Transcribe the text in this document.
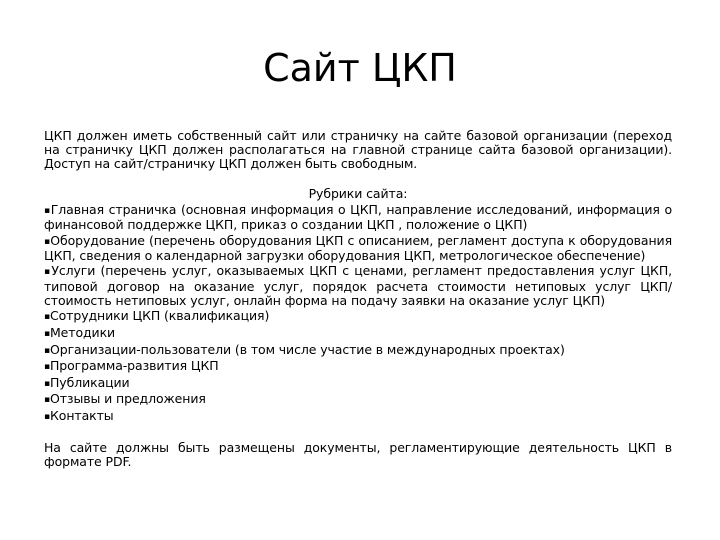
Сайт ЦКП

ЦКП должен иметь собственный сайт или страничку на сайте базовой организации (переход на страничку ЦКП должен располагаться на главной странице сайта базовой организации). Доступ на сайт/страничку ЦКП должен быть свободным.

Рубрики сайта:

▪Главная страничка (основная информация о ЦКП, направление исследований, информация о финансовой поддержке ЦКП, приказ о создании ЦКП , положение о ЦКП)
▪Оборудование (перечень оборудования ЦКП с описанием, регламент доступа к оборудования ЦКП, сведения о календарной загрузки оборудования ЦКП, метрологическое обеспечение)
▪Услуги (перечень услуг, оказываемых ЦКП с ценами, регламент предоставления услуг ЦКП, типовой договор на оказание услуг, порядок расчета стоимости нетиповых услуг ЦКП/стоимость нетиповых услуг, онлайн форма на подачу заявки на оказание услуг ЦКП)
▪Сотрудники ЦКП (квалификация)
▪Методики
▪Организации-пользователи (в том числе участие в международных проектах)
▪Программа-развития ЦКП
▪Публикации
▪Отзывы и предложения
▪Контакты

На сайте должны быть размещены документы, регламентирующие деятельность ЦКП в формате PDF.
